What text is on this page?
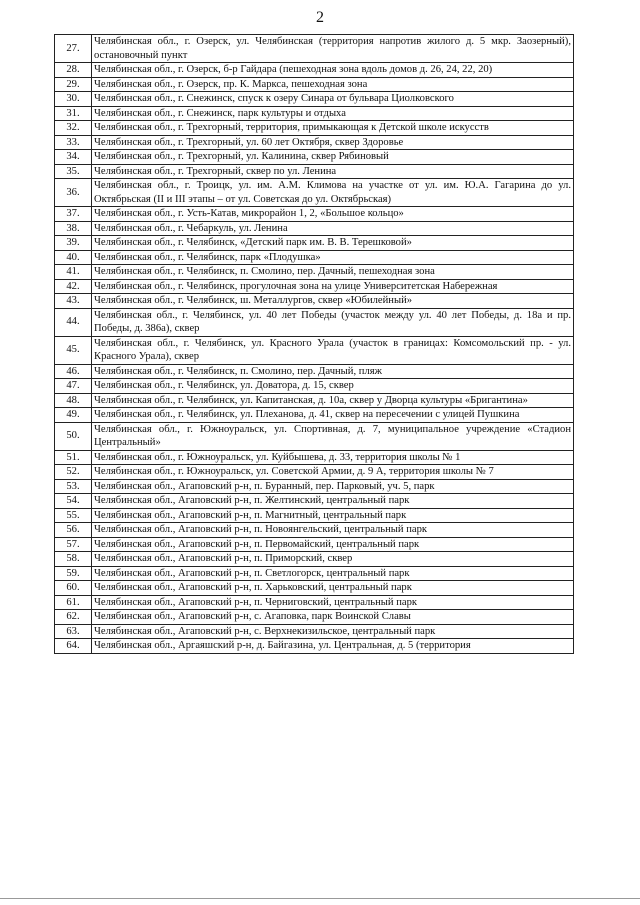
2
27.	Челябинская обл., г. Озерск, ул. Челябинская (территория напротив жилого д. 5 мкр. Заозерный), остановочный пункт
28.	Челябинская обл., г. Озерск, б-р Гайдара (пешеходная зона вдоль домов д. 26, 24, 22, 20)
29.	Челябинская обл., г. Озерск, пр. К. Маркса, пешеходная зона
30.	Челябинская обл., г. Снежинск, спуск к озеру Синара от бульвара Циолковского
31.	Челябинская обл., г. Снежинск, парк культуры и отдыха
32.	Челябинская обл., г. Трехгорный, территория, примыкающая к Детской школе искусств
33.	Челябинская обл., г. Трехгорный, ул. 60 лет Октября, сквер Здоровье
34.	Челябинская обл., г. Трехгорный, ул. Калинина, сквер Рябиновый
35.	Челябинская обл., г. Трехгорный, сквер по ул. Ленина
36.	Челябинская обл., г. Троицк, ул. им. А.М. Климова на участке от ул. им. Ю.А. Гагарина до ул. Октябрьская (II и III этапы – от ул. Советская до ул. Октябрьская)
37.	Челябинская обл., г. Усть-Катав, микрорайон 1, 2, «Большое кольцо»
38.	Челябинская обл., г. Чебаркуль, ул. Ленина
39.	Челябинская обл., г. Челябинск, «Детский парк им. В. В. Терешковой»
40.	Челябинская обл., г. Челябинск, парк «Плодушка»
41.	Челябинская обл., г. Челябинск, п. Смолино, пер. Дачный, пешеходная зона
42.	Челябинская обл., г. Челябинск, прогулочная зона на улице Университетская Набережная
43.	Челябинская обл., г. Челябинск, ш. Металлургов, сквер «Юбилейный»
44.	Челябинская обл., г. Челябинск, ул. 40 лет Победы (участок между ул. 40 лет Победы, д. 18а и пр. Победы, д. 386а), сквер
45.	Челябинская обл., г. Челябинск, ул. Красного Урала (участок в границах: Комсомольский пр. - ул. Красного Урала), сквер
46.	Челябинская обл., г. Челябинск, п. Смолино, пер. Дачный, пляж
47.	Челябинская обл., г. Челябинск, ул. Доватора, д. 15, сквер
48.	Челябинская обл., г. Челябинск, ул. Капитанская, д. 10а, сквер у Дворца культуры «Бригантина»
49.	Челябинская обл., г. Челябинск, ул. Плеханова, д. 41, сквер на пересечении с улицей Пушкина
50.	Челябинская обл., г. Южноуральск, ул. Спортивная, д. 7, муниципальное учреждение «Стадион Центральный»
51.	Челябинская обл., г. Южноуральск, ул. Куйбышева, д. 33, территория школы № 1
52.	Челябинская обл., г. Южноуральск, ул. Советской Армии, д. 9 А, территория школы № 7
53.	Челябинская обл., Агаповский р-н, п. Буранный, пер. Парковый, уч. 5, парк
54.	Челябинская обл., Агаповский р-н, п. Желтинский, центральный парк
55.	Челябинская обл., Агаповский р-н, п. Магнитный, центральный парк
56.	Челябинская обл., Агаповский р-н, п. Новоянгельский, центральный парк
57.	Челябинская обл., Агаповский р-н, п. Первомайский, центральный парк
58.	Челябинская обл., Агаповский р-н, п. Приморский, сквер
59.	Челябинская обл., Агаповский р-н, п. Светлогорск, центральный парк
60.	Челябинская обл., Агаповский р-н, п. Харьковский, центральный парк
61.	Челябинская обл., Агаповский р-н, п. Черниговский, центральный парк
62.	Челябинская обл., Агаповский р-н, с. Агаповка, парк Воинской Славы
63.	Челябинская обл., Агаповский р-н, с. Верхнекизильское, центральный парк
64.	Челябинская обл., Аргаяшский р-н, д. Байгазина, ул. Центральная, д. 5 (территория
